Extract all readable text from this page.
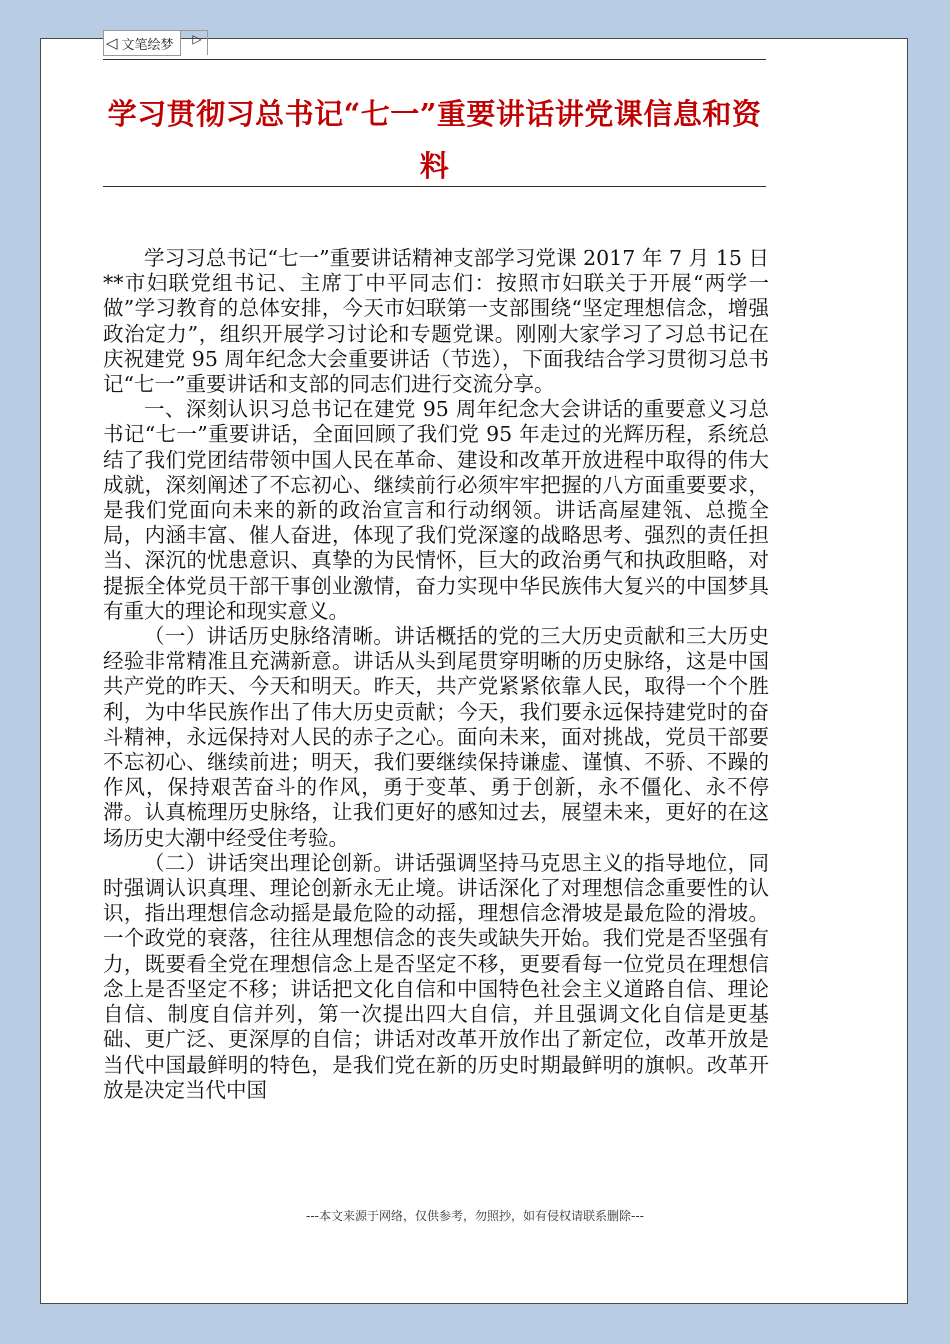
◁ 文笔绘梦 ▷
学习贯彻习总书记“七一”重要讲话讲党课信息和资料

学习习总书记“七一”重要讲话精神支部学习党课 2017 年 7 月 15 日**市妇联党组书记、主席丁中平同志们：按照市妇联关于开展“两学一做”学习教育的总体安排，今天市妇联第一支部围绕“坚定理想信念，增强政治定力”，组织开展学习讨论和专题党课。刚刚大家学习了习总书记在庆祝建党 95 周年纪念大会重要讲话（节选），下面我结合学习贯彻习总书记“七一”重要讲话和支部的同志们进行交流分享。

一、深刻认识习总书记在建党 95 周年纪念大会讲话的重要意义习总书记“七一”重要讲话，全面回顾了我们党 95 年走过的光辉历程，系统总结了我们党团结带领中国人民在革命、建设和改革开放进程中取得的伟大成就，深刻阐述了不忘初心、继续前行必须牢牢把握的八方面重要要求，是我们党面向未来的新的政治宣言和行动纲领。讲话高屋建瓴、总揽全局，内涵丰富、催人奋进，体现了我们党深邃的战略思考、强烈的责任担当、深沉的忧患意识、真挚的为民情怀，巨大的政治勇气和执政胆略，对提振全体党员干部干事创业激情，奋力实现中华民族伟大复兴的中国梦具有重大的理论和现实意义。

（一）讲话历史脉络清晰。讲话概括的党的三大历史贡献和三大历史经验非常精准且充满新意。讲话从头到尾贯穿明晰的历史脉络，这是中国共产党的昨天、今天和明天。昨天，共产党紧紧依靠人民，取得一个个胜利，为中华民族作出了伟大历史贡献；今天，我们要永远保持建党时的奋斗精神，永远保持对人民的赤子之心。面向未来，面对挑战，党员干部要不忘初心、继续前进；明天，我们要继续保持谦虚、谨慎、不骄、不躁的作风，保持艰苦奋斗的作风，勇于变革、勇于创新，永不僵化、永不停滞。认真梳理历史脉络，让我们更好的感知过去，展望未来，更好的在这场历史大潮中经受住考验。

（二）讲话突出理论创新。讲话强调坚持马克思主义的指导地位，同时强调认识真理、理论创新永无止境。讲话深化了对理想信念重要性的认识，指出理想信念动摇是最危险的动摇，理想信念滑坡是最危险的滑坡。一个政党的衰落，往往从理想信念的丧失或缺失开始。我们党是否坚强有力，既要看全党在理想信念上是否坚定不移，更要看每一位党员在理想信念上是否坚定不移；讲话把文化自信和中国特色社会主义道路自信、理论自信、制度自信并列，第一次提出四大自信，并且强调文化自信是更基础、更广泛、更深厚的自信；讲话对改革开放作出了新定位，改革开放是当代中国最鲜明的特色，是我们党在新的历史时期最鲜明的旗帜。改革开放是决定当代中国

---本文来源于网络，仅供参考，勿照抄，如有侵权请联系删除---
